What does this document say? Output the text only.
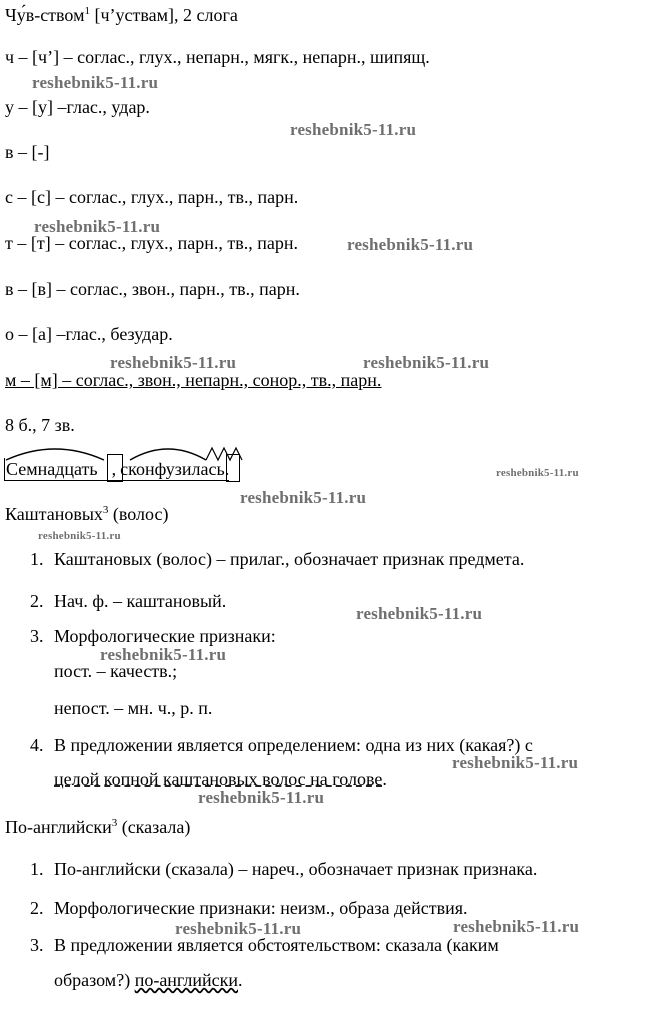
Чу́в-ством$^1$ [ч’уствам], 2 слога
ч – [ч’] – соглас., глух., непарн., мягк., непарн., шипящ.
у – [у] –глас., удар.
в – [-]
с – [с] – соглас., глух., парн., тв., парн.
т – [т] – соглас., глух., парн., тв., парн.
в – [в] – соглас., звон., парн., тв., парн.
о – [а] –глас., безудар.
м – [м] – соглас., звон., непарн., сонор., тв., парн.
8 б., 7 зв.
Семнадцать , сконфузилась.
Каштановых$^3$ (волос)
1. Каштановых (волос) – прилаг., обозначает признак предмета.
2. Нач. ф. – каштановый.
3. Морфологические признаки:
пост. – качеств.;
непост. – мн. ч., р. п.
4. В предложении является определением: одна из них (какая?) с
целой копной каштановых волос на голове.
По-английски$^3$ (сказала)
1. По-английски (сказала) – нареч., обозначает признак признака.
2. Морфологические признаки: неизм., образа действия.
3. В предложении является обстоятельством: сказала (каким
образом?) по-английски.
reshebnik5-11.ru
reshebnik5-11.ru
reshebnik5-11.ru
reshebnik5-11.ru
reshebnik5-11.ru	reshebnik5-11.ru
reshebnik5-11.ru
reshebnik5-11.ru
reshebnik5-11.ru
reshebnik5-11.ru
reshebnik5-11.ru
reshebnik5-11.ru
reshebnik5-11.ru
reshebnik5-11.ru	reshebnik5-11.ru
